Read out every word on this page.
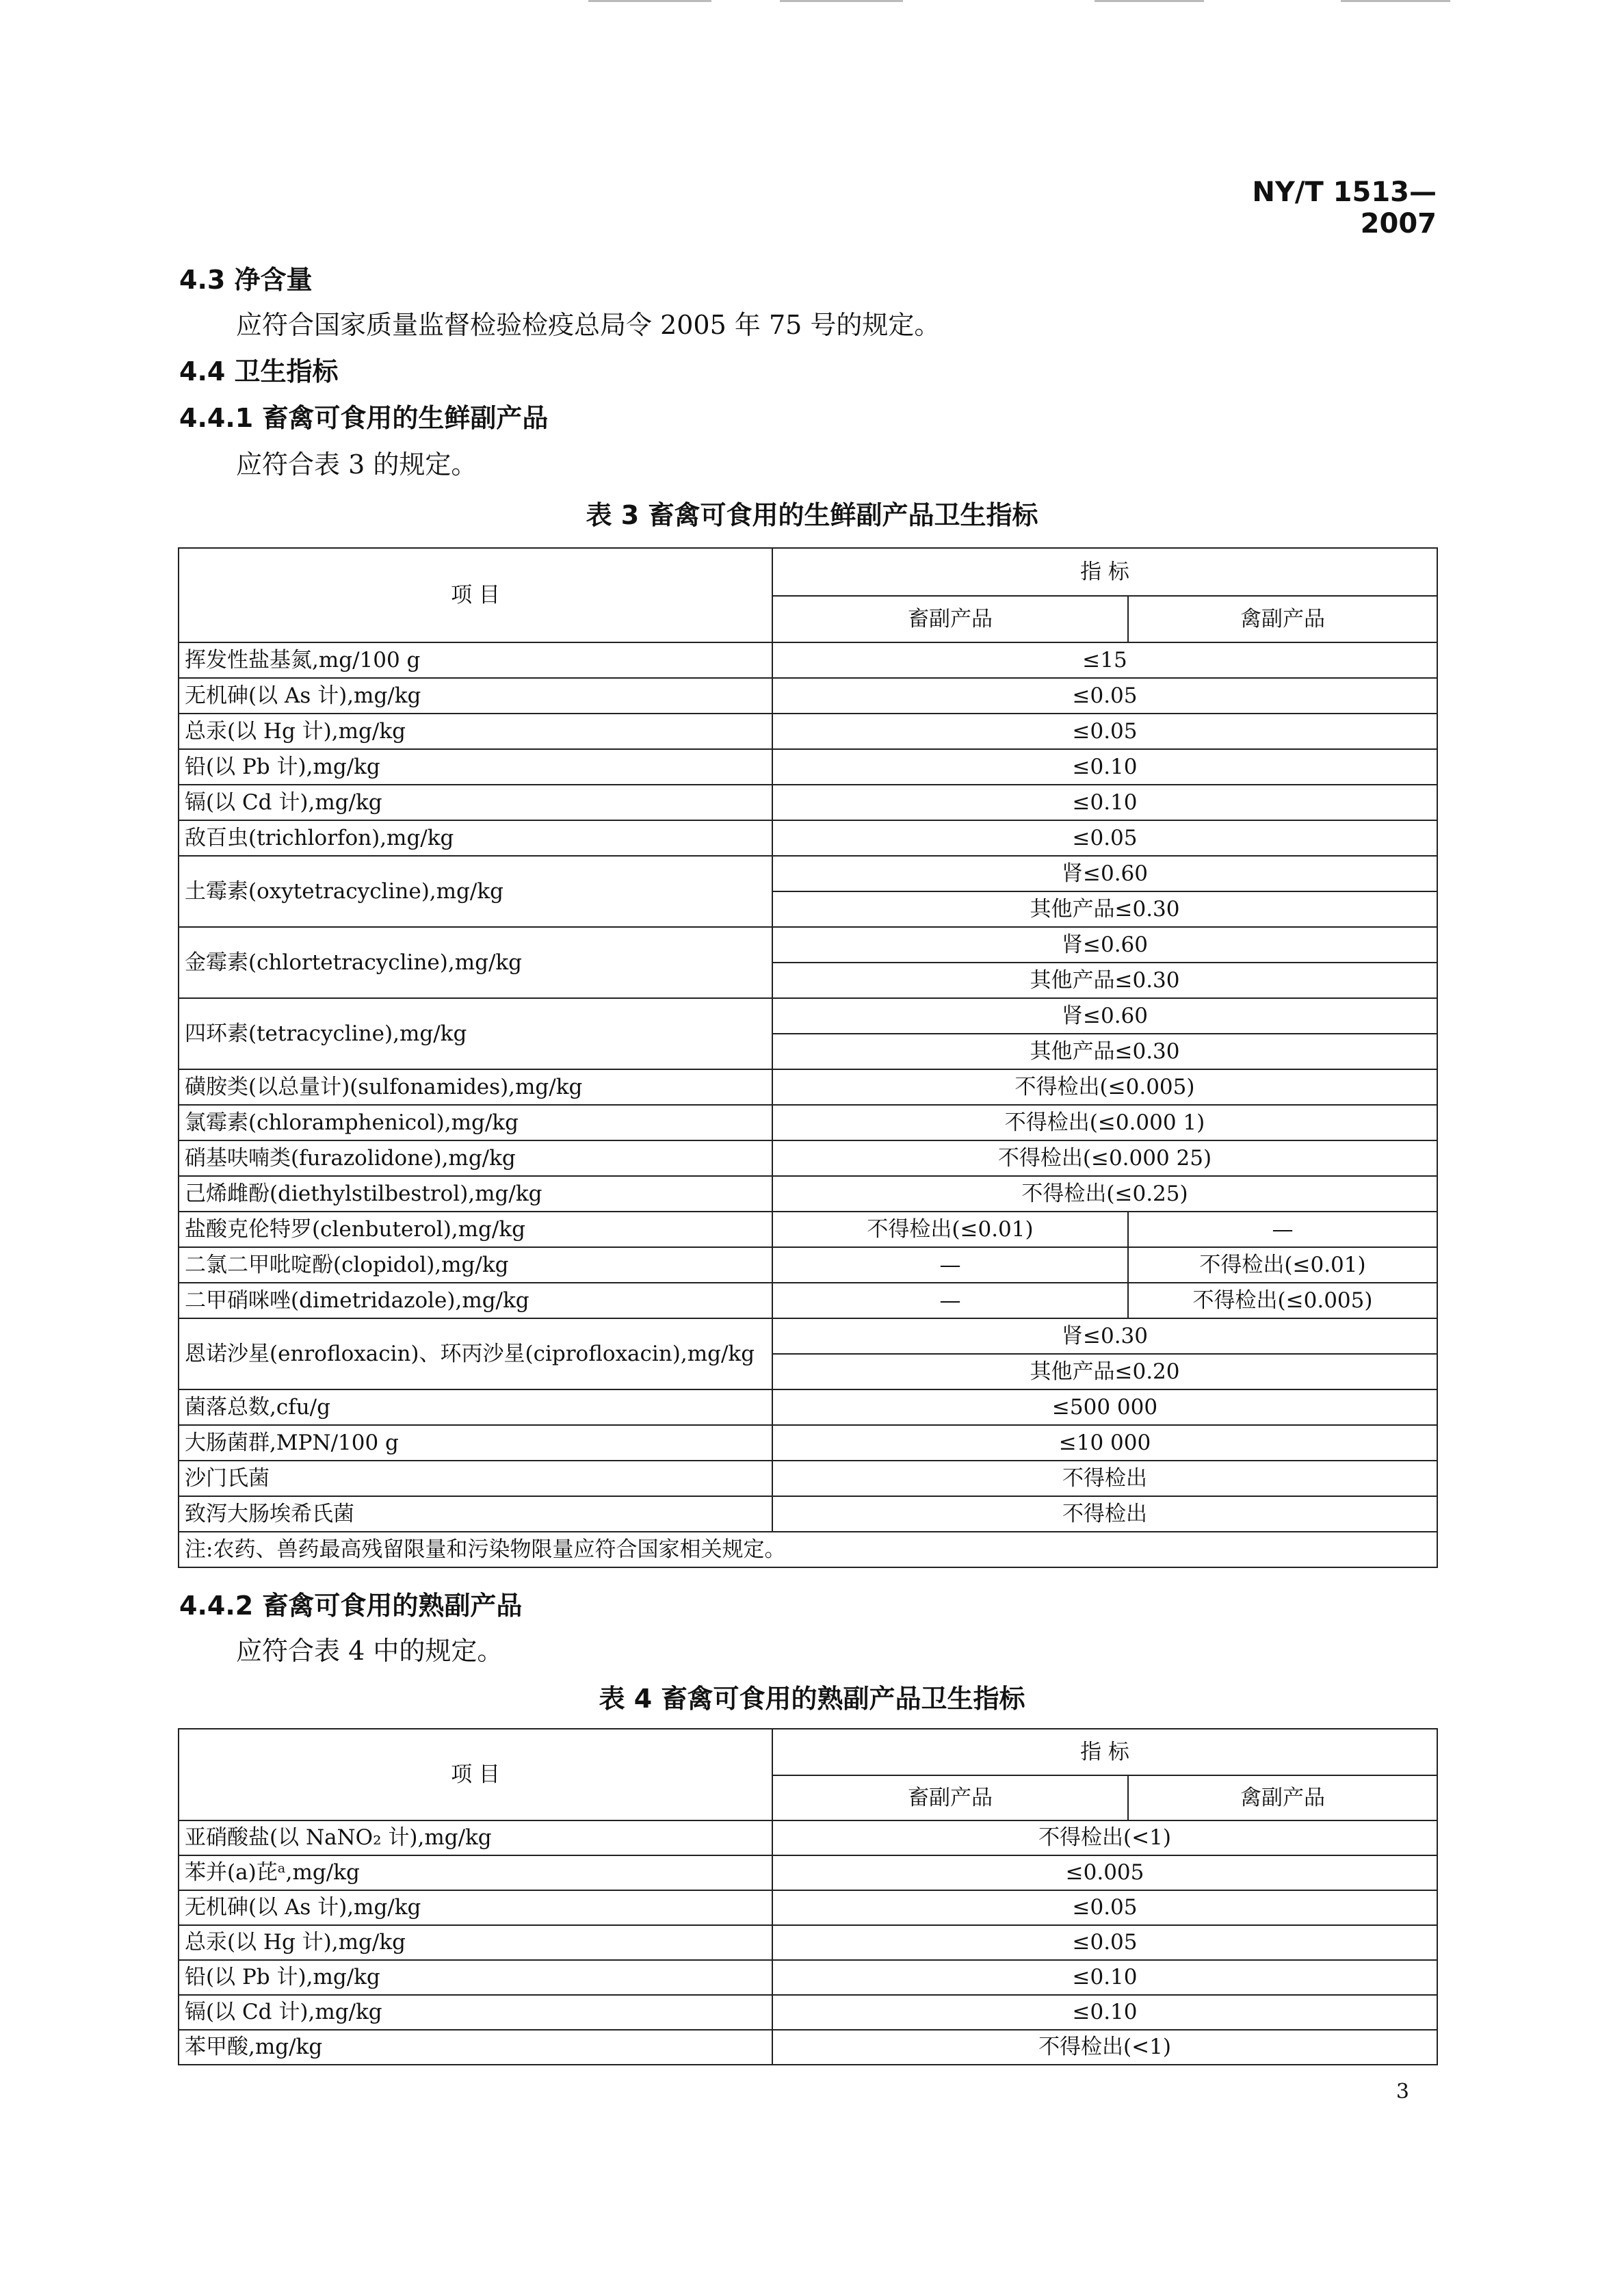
NY/T 1513—2007
4.3 净含量
应符合国家质量监督检验检疫总局令 2005 年 75 号的规定。
4.4 卫生指标
4.4.1 畜禽可食用的生鲜副产品
应符合表 3 的规定。
表 3 畜禽可食用的生鲜副产品卫生指标
项 目	指 标	
	畜副产品	禽副产品
挥发性盐基氮,mg/100 g	≤15	
无机砷(以 As 计),mg/kg	≤0.05	
总汞(以 Hg 计),mg/kg	≤0.05	
铅(以 Pb 计),mg/kg	≤0.10	
镉(以 Cd 计),mg/kg	≤0.10	
敌百虫(trichlorfon),mg/kg	≤0.05	
土霉素(oxytetracycline),mg/kg	肾≤0.60	
	其他产品≤0.30	
金霉素(chlortetracycline),mg/kg	肾≤0.60	
	其他产品≤0.30	
四环素(tetracycline),mg/kg	肾≤0.60	
	其他产品≤0.30	
磺胺类(以总量计)(sulfonamides),mg/kg	不得检出(≤0.005)	
氯霉素(chloramphenicol),mg/kg	不得检出(≤0.000 1)	
硝基呋喃类(furazolidone),mg/kg	不得检出(≤0.000 25)	
己烯雌酚(diethylstilbestrol),mg/kg	不得检出(≤0.25)	
盐酸克伦特罗(clenbuterol),mg/kg	不得检出(≤0.01)	—
二氯二甲吡啶酚(clopidol),mg/kg	—	不得检出(≤0.01)
二甲硝咪唑(dimetridazole),mg/kg	—	不得检出(≤0.005)
恩诺沙星(enrofloxacin)、环丙沙星(ciprofloxacin),mg/kg	肾≤0.30	
	其他产品≤0.20	
菌落总数,cfu/g	≤500 000	
大肠菌群,MPN/100 g	≤10 000	
沙门氏菌	不得检出	
致泻大肠埃希氏菌	不得检出	
注:农药、兽药最高残留限量和污染物限量应符合国家相关规定。		
4.4.2 畜禽可食用的熟副产品
应符合表 4 中的规定。
表 4 畜禽可食用的熟副产品卫生指标
项 目	指 标	
	畜副产品	禽副产品
亚硝酸盐(以 NaNO₂ 计),mg/kg	不得检出(<1)	
苯并(a)芘ᵃ,mg/kg	≤0.005	
无机砷(以 As 计),mg/kg	≤0.05	
总汞(以 Hg 计),mg/kg	≤0.05	
铅(以 Pb 计),mg/kg	≤0.10	
镉(以 Cd 计),mg/kg	≤0.10	
苯甲酸,mg/kg	不得检出(<1)	
3
